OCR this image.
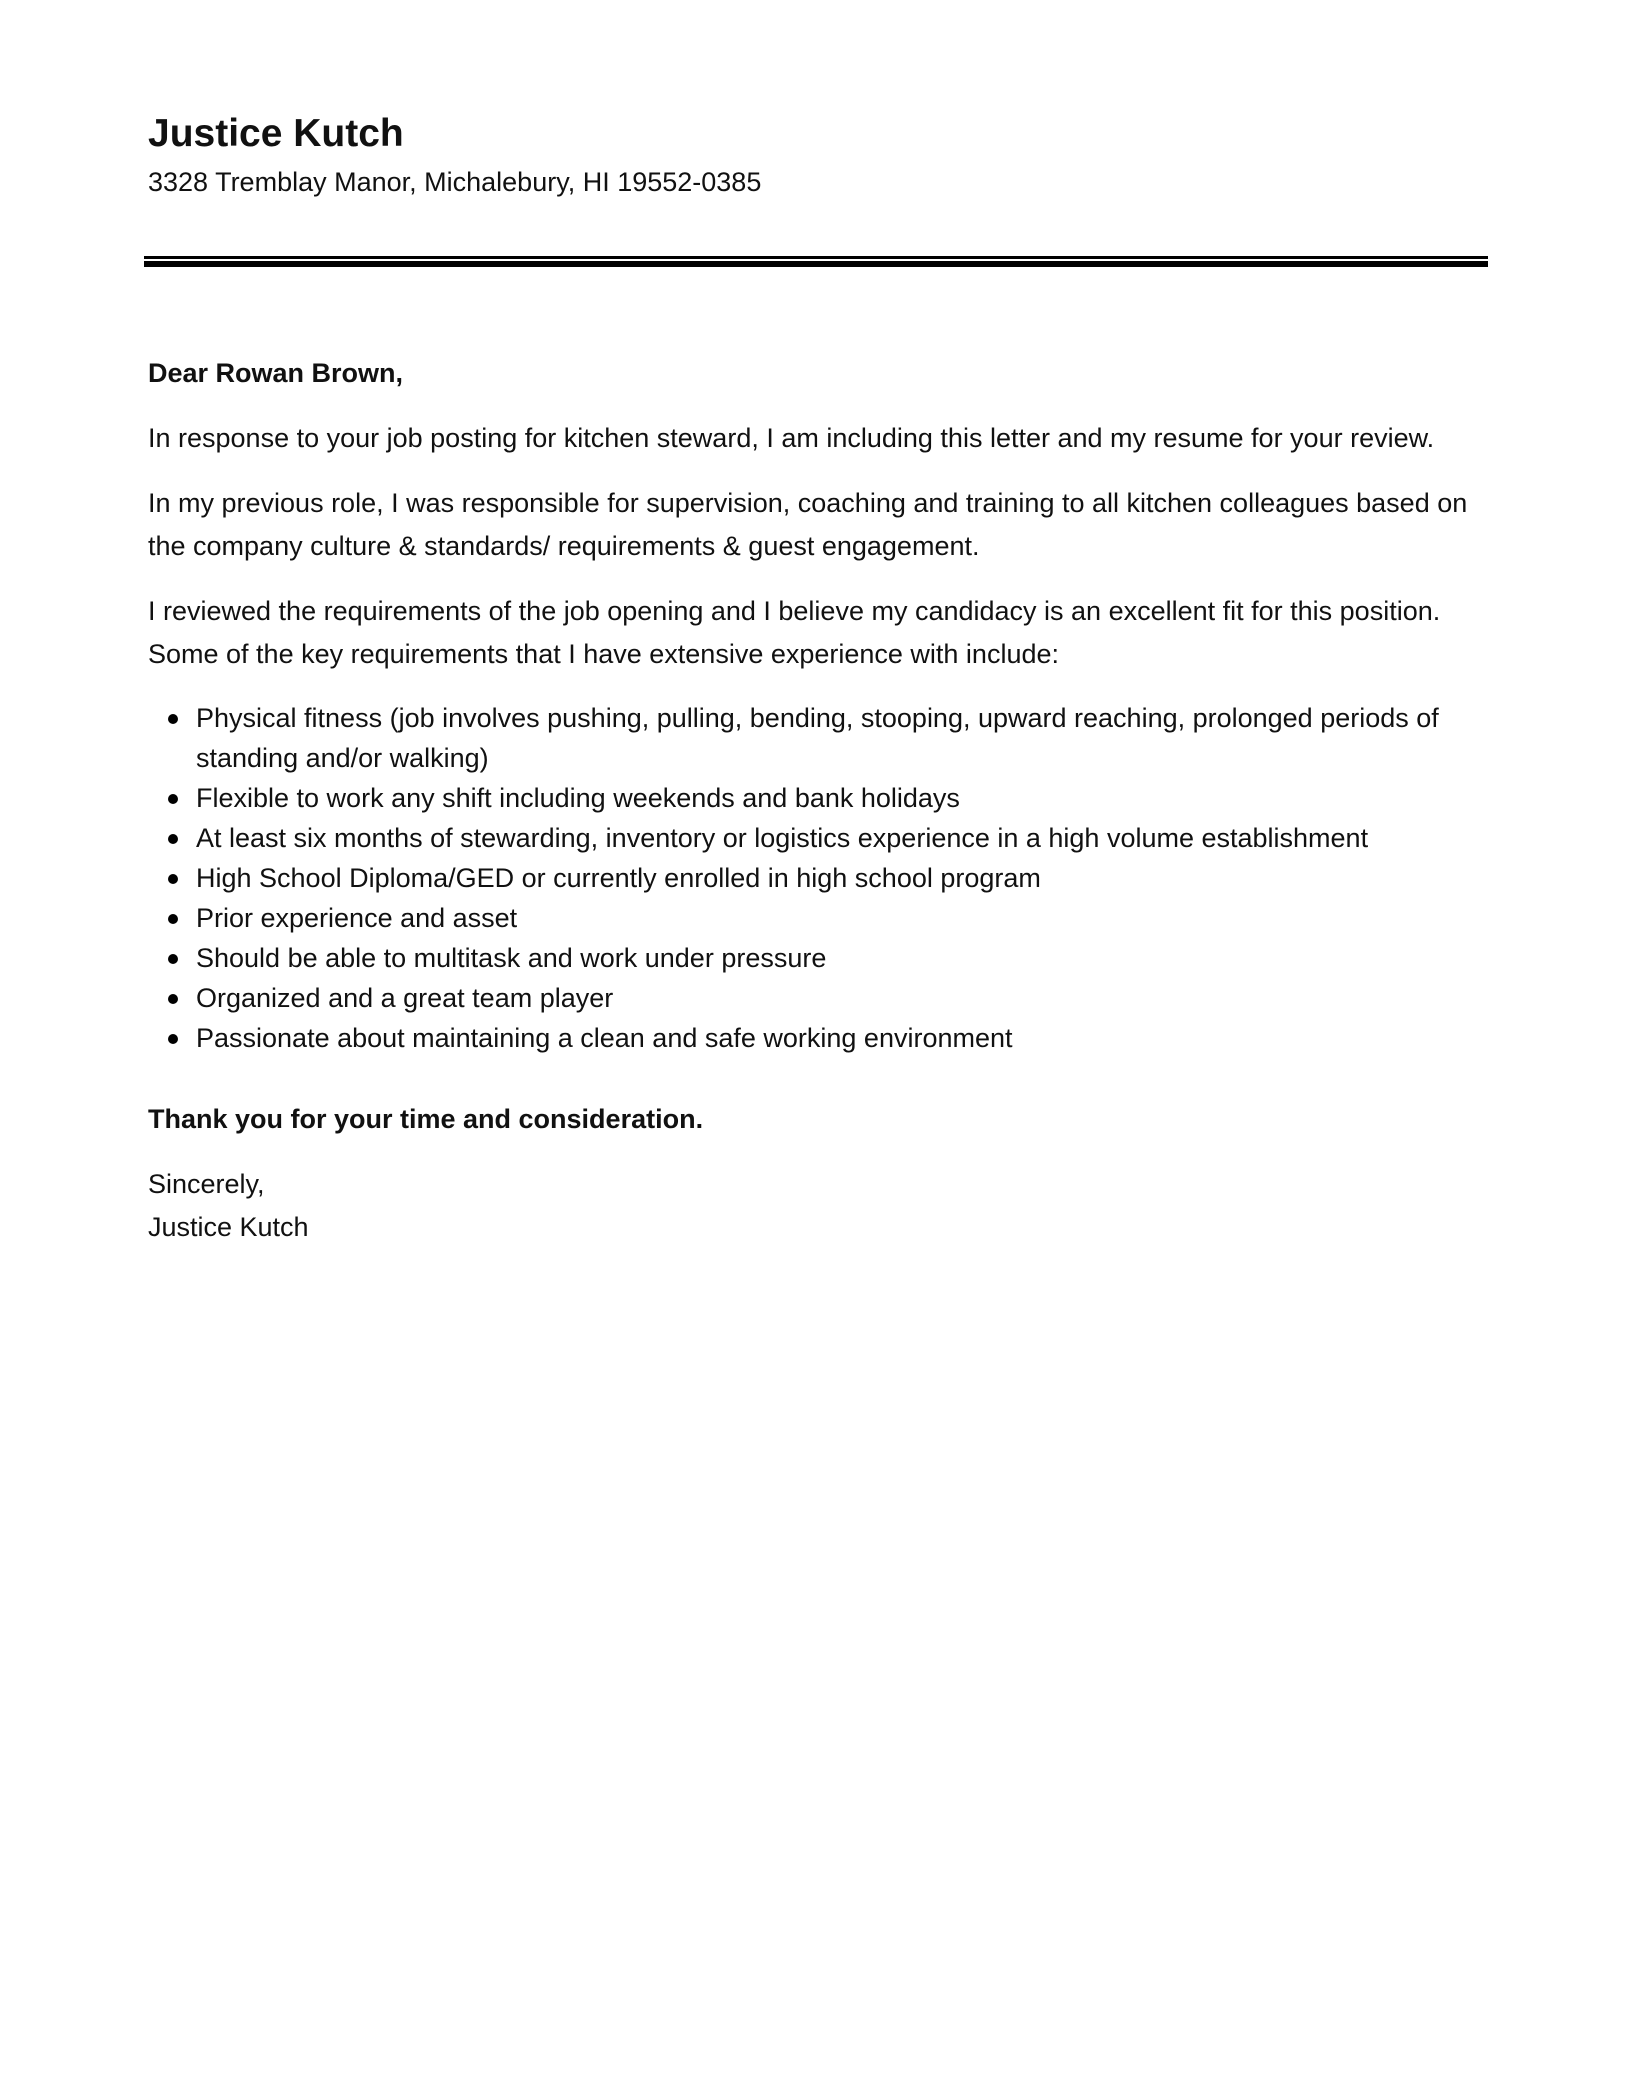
Justice Kutch
3328 Tremblay Manor, Michalebury, HI 19552-0385

Dear Rowan Brown,

In response to your job posting for kitchen steward, I am including this letter and my resume for your review.

In my previous role, I was responsible for supervision, coaching and training to all kitchen colleagues based on the company culture & standards/ requirements & guest engagement.

I reviewed the requirements of the job opening and I believe my candidacy is an excellent fit for this position. Some of the key requirements that I have extensive experience with include:

Physical fitness (job involves pushing, pulling, bending, stooping, upward reaching, prolonged periods of standing and/or walking)
Flexible to work any shift including weekends and bank holidays
At least six months of stewarding, inventory or logistics experience in a high volume establishment
High School Diploma/GED or currently enrolled in high school program
Prior experience and asset
Should be able to multitask and work under pressure
Organized and a great team player
Passionate about maintaining a clean and safe working environment

Thank you for your time and consideration.

Sincerely,

Justice Kutch
